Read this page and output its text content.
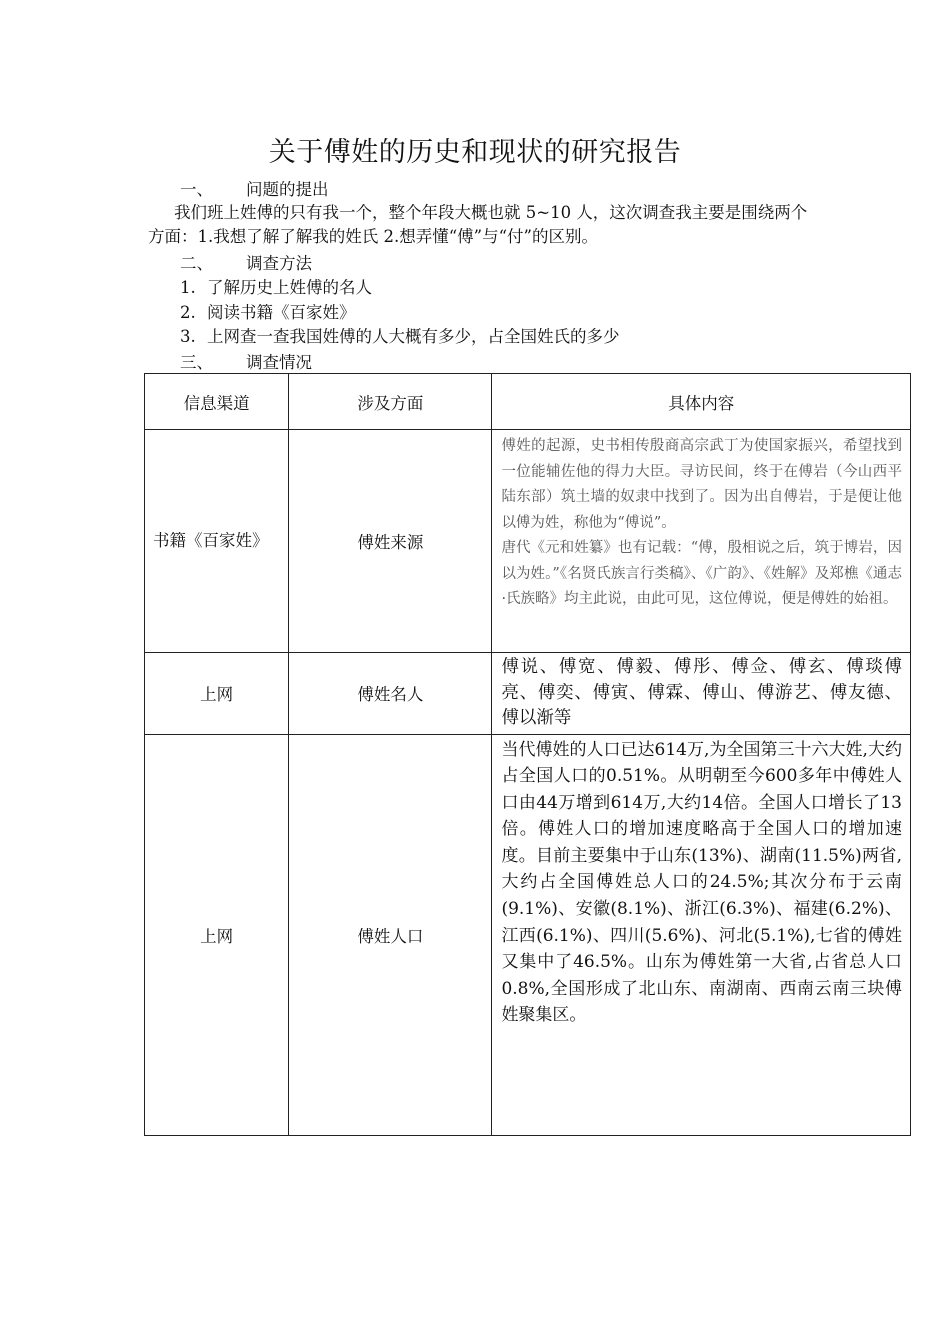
关于傅姓的历史和现状的研究报告
一、 问题的提出
我们班上姓傅的只有我一个，整个年段大概也就 5~10 人，这次调查我主要是围绕两个方面：1.我想了解了解我的姓氏 2.想弄懂“傅”与“付”的区别。
二、 调查方法
1. 了解历史上姓傅的名人
2. 阅读书籍《百家姓》
3. 上网查一查我国姓傅的人大概有多少，占全国姓氏的多少
三、 调查情况
信息渠道	涉及方面	具体内容
书籍《百家姓》	傅姓来源	傅姓的起源，史书相传殷商高宗武丁为使国家振兴，希望找到一位能辅佐他的得力大臣。寻访民间，终于在傅岩（今山西平陆东部）筑土墙的奴隶中找到了。因为出自傅岩，于是便让他以傅为姓，称他为“傅说”。
唐代《元和姓纂》也有记载：“傅，殷相说之后，筑于博岩，因以为姓。”《名贤氏族言行类稿》、《广韵》、《姓解》及郑樵《通志·氏族略》均主此说，由此可见，这位傅说，便是傅姓的始祖。

上网	傅姓名人	傅说、傅宽、傅毅、傅彤、傅佥、傅玄、傅琰傅亮、傅奕、傅寅、傅霖、傅山、傅游艺、傅友德、傅以渐等
上网	傅姓人口	当代傅姓的人口已达614万,为全国第三十六大姓,大约占全国人口的0.51%。从明朝至今600多年中傅姓人口由44万增到614万,大约14倍。全国人口增长了13倍。傅姓人口的增加速度略高于全国人口的增加速度。目前主要集中于山东(13%)、湖南(11.5%)两省,大约占全国傅姓总人口的24.5%;其次分布于云南(9.1%)、安徽(8.1%)、浙江(6.3%)、福建(6.2%)、江西(6.1%)、四川(5.6%)、河北(5.1%),七省的傅姓又集中了46.5%。山东为傅姓第一大省,占省总人口0.8%,全国形成了北山东、南湖南、西南云南三块傅姓聚集区。
